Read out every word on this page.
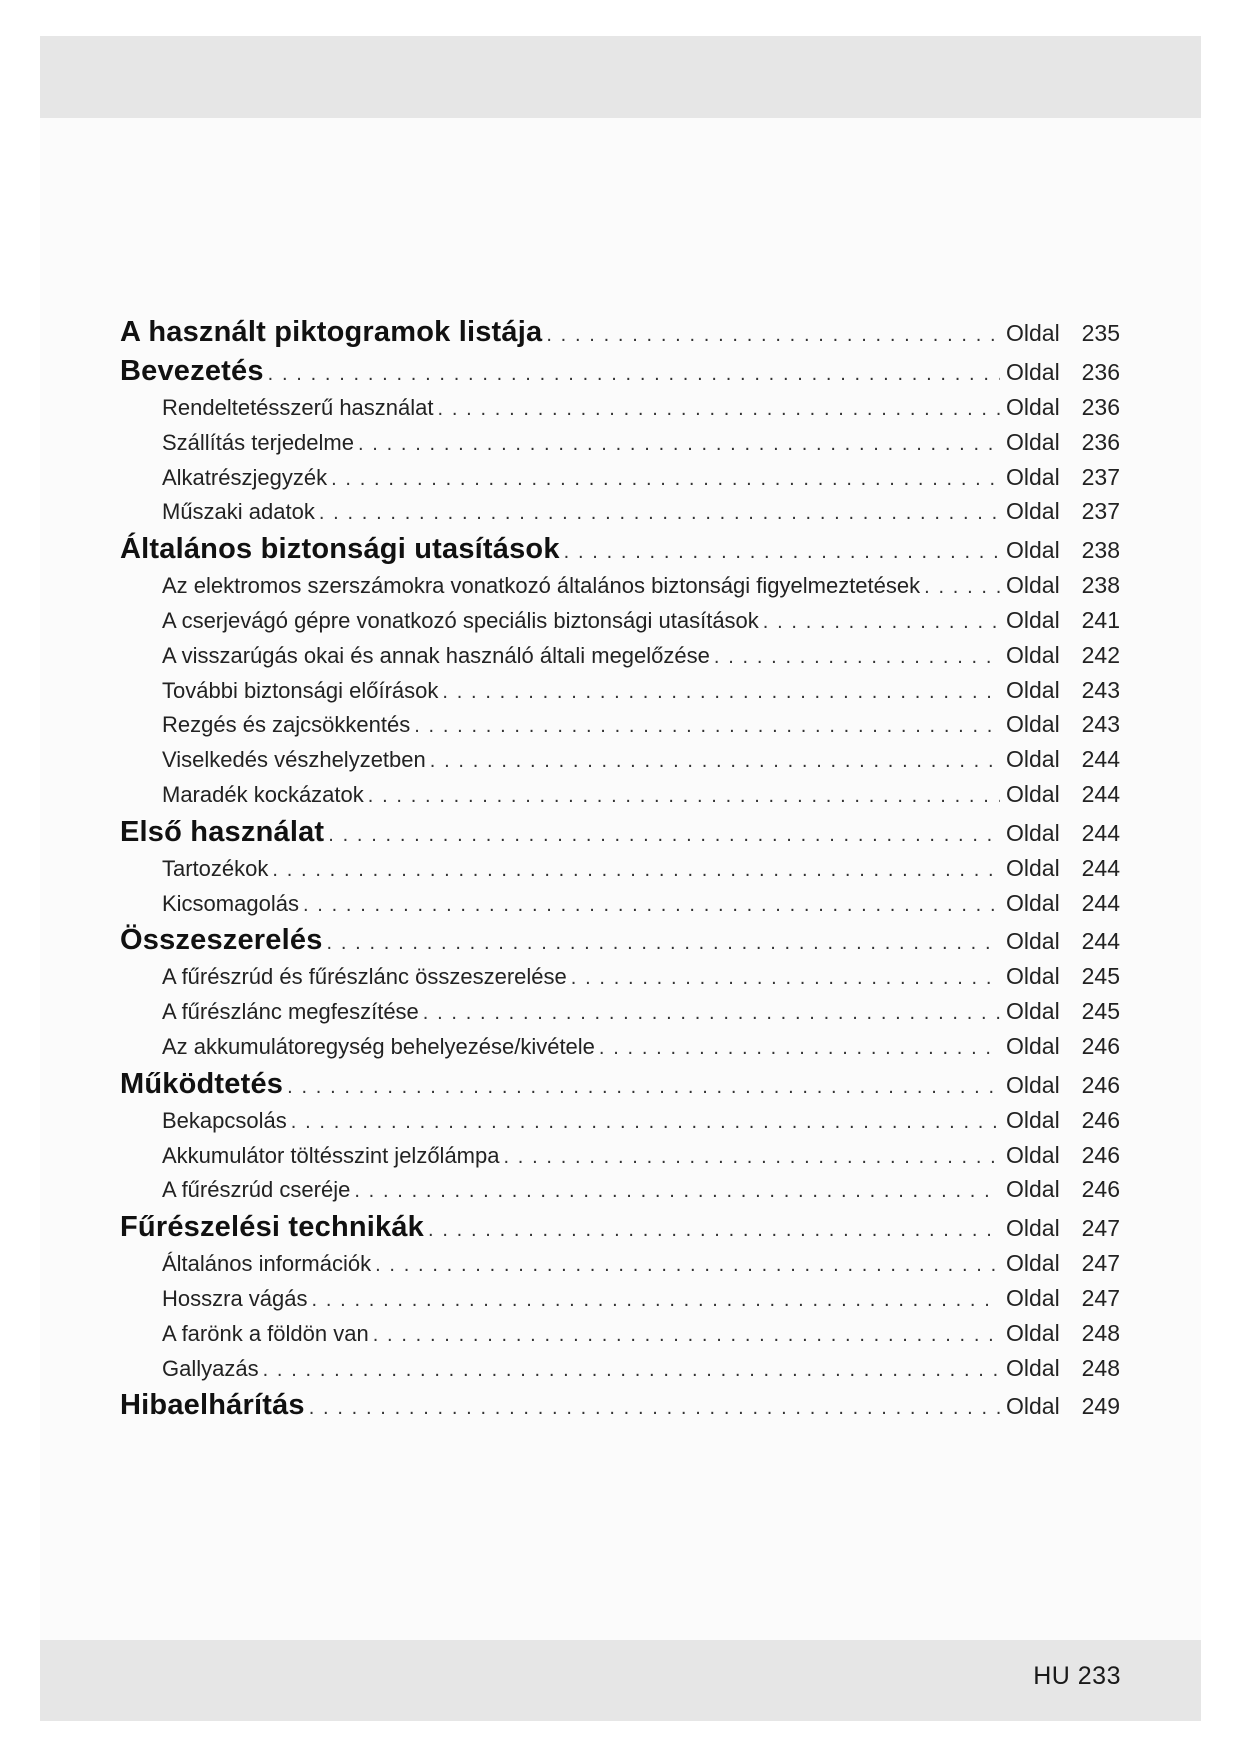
A használt piktogramok listája . . .	Oldal 235
Bevezetés . . .	Oldal 236
Rendeltetésszerű használat . . .	Oldal 236
Szállítás terjedelme . . .	Oldal 236
Alkatrészjegyzék . . .	Oldal 237
Műszaki adatok . . .	Oldal 237
Általános biztonsági utasítások . . .	Oldal 238
Az elektromos szerszámokra vonatkozó általános biztonsági figyelmeztetések . . .	Oldal 238
A cserjevágó gépre vonatkozó speciális biztonsági utasítások . . .	Oldal 241
A visszarúgás okai és annak használó általi megelőzése . . .	Oldal 242
További biztonsági előírások . . .	Oldal 243
Rezgés és zajcsökkentés . . .	Oldal 243
Viselkedés vészhelyzetben . . .	Oldal 244
Maradék kockázatok . . .	Oldal 244
Első használat . . .	Oldal 244
Tartozékok . . .	Oldal 244
Kicsomagolás . . .	Oldal 244
Összeszerelés . . .	Oldal 244
A fűrészrúd és fűrészlánc összeszerelése . . .	Oldal 245
A fűrészlánc megfeszítése . . .	Oldal 245
Az akkumulátoregység behelyezése/kivétele . . .	Oldal 246
Működtetés . . .	Oldal 246
Bekapcsolás . . .	Oldal 246
Akkumulátor töltésszint jelzőlámpa . . .	Oldal 246
A fűrészrúd cseréje . . .	Oldal 246
Fűrészelési technikák . . .	Oldal 247
Általános információk . . .	Oldal 247
Hosszra vágás . . .	Oldal 247
A farönk a földön van . . .	Oldal 248
Gallyazás . . .	Oldal 248
Hibaelhárítás . . .	Oldal 249
HU 233
